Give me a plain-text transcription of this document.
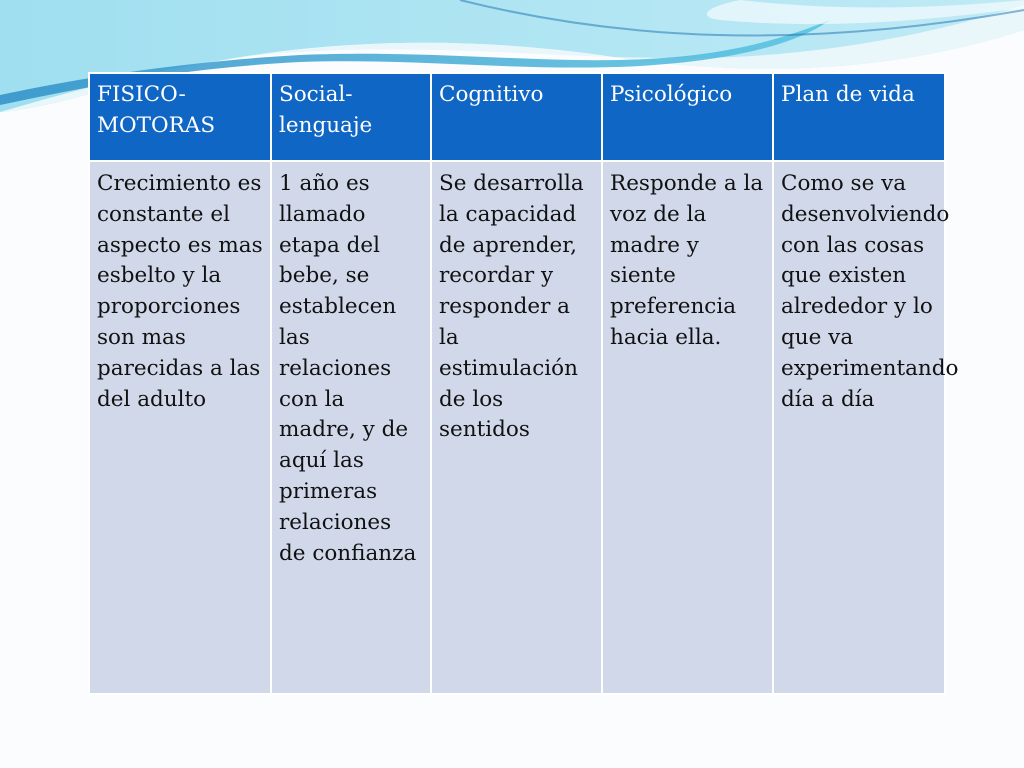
FISICO-MOTORAS	Social-lenguaje	Cognitivo	Psicológico	Plan de vida
Crecimiento es constante el aspecto es mas esbelto y la proporciones son mas parecidas a las del adulto	1 año es llamado etapa del bebe, se establecen las relaciones con la madre, y de aquí las primeras relaciones de confianza	Se desarrolla la capacidad de aprender, recordar y responder a la estimulación de los sentidos	Responde a la voz de la madre y siente preferencia hacia ella.	Como se va desenvolviendo con las cosas que existen alrededor y lo que va experimentando día a día
